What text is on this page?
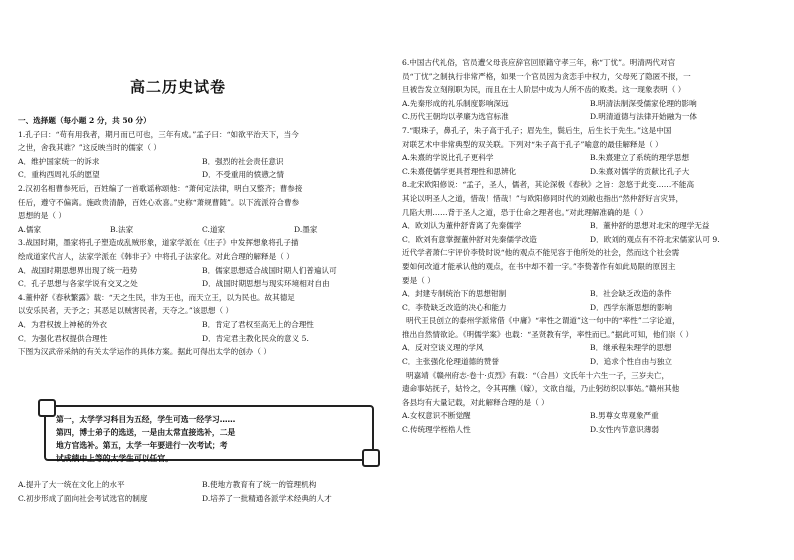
高二历史试卷
一、选择题（每小题 2 分，共 50 分）
1.孔子曰：“苟有用我者，期月而已可也，三年有成。”孟子曰：“如欲平治天下，当今
之世，舍我其谁？”这反映当时的儒家（ ）
A．维护国家统一的诉求	B．强烈的社会责任意识
C．重构西周礼乐的愿望	D．不受重用的愤懑之情
2.汉初名相曹参死后，百姓编了一首歌谣称颂他：“萧何定法律，明白又整齐；曹参接
任后，遵守不偏离。施政贵清静，百姓心欢喜。”史称“萧规曹随”。以下流派符合曹参
思想的是（ ）
A.儒家	B.法家	C.道家	D.墨家
3.战国时期，墨家将孔子塑造成乱贼形象，道家学派在《庄子》中发挥想象将孔子描
绘成道家代言人，法家学派在《韩非子》中将孔子法家化。对此合理的解释是（ ）
A．战国时期思想界出现了统一趋势	B．儒家思想适合战国时期人们普遍认可
C．孔子思想与各家学说有交叉之处	D．战国时期思想与现实环境相对自由
4.董仲舒《春秋繁露》载：“天之生民，非为王也，而天立王，以为民也。故其德足
以安乐民者，天予之；其恶足以贼害民者，天夺之。”该思想（ ）
A．为君权披上神秘的外衣	B．肯定了君权至高无上的合理性
C．为强化君权提供合理性	D．肯定君主教化民众的意义 5.
下图为汉武帝采纳的有关太学运作的具体方案。据此可得出太学的创办（ ）
第一，太学学习科目为五经，学生可选一经学习……
第四，博士弟子的选送，一是由太常直接选补，二是
地方官选补。第五，太学一年要进行一次考试；考
试成绩中上等的太学生可以任官。
A.提升了大一统在文化上的水平	B.使地方教育有了统一的管理机构
C.初步形成了面向社会考试选官的制度	D.培养了一批精通各派学术经典的人才
6.中国古代礼俗，官员遭父母丧应辞官回原籍守孝三年，称“丁忧”。明清两代对官
员“丁忧”之制执行非常严格，如果一个官员因为贪恋手中权力，父母死了隐匿不报，一
旦被告发立刻削职为民，而且在士人阶层中成为人所不齿的败类。这一现象表明（ ）
A.先秦形成的礼乐制度影响深远	B.明清法制深受儒家伦理的影响
C.历代王朝均以孝廉为选官标准	D.明清道德与法律开始融为一体
7.“眼珠子，鼻孔子，朱子高于孔子；眉先生，鬓后生，后生长于先生。”这是中国
对联艺术中非常典型的双关联。下列对“朱子高于孔子”喻意的最佳解释是（ ）
A.朱熹的学说比孔子更科学	B.朱熹建立了系统的理学思想
C.朱熹使儒学更具哲理性和思辨化	D.朱熹对儒学的贡献比孔子大
8.北宋欧阳修说：“孟子，圣人，儒者，其论深极《春秋》之旨：忽悠于此变……不能高
其论以明圣人之道，惜哉！惜哉！”与欧阳修同时代的刘敞也指出“然仲舒好言灾异，
几陷大刑……背于圣人之道，恐于仕命之理者也。”对此理解准确的是（ ）
A．欧刘认为董仲舒背离了先秦儒学	B．董仲舒的思想对北宋的理学无益
C．欧刘有意掌握董仲舒对先秦儒学改造	D．欧刘的观点有不符北宋儒家认可 9.
近代学者萧仁宇评价李贽时说“他的观点不能见容于他所处的社会，然而这个社会需
要如何改道才能承认他的观点，在书中却不着一字。”李贽著作有如此局限的原因主
要是（ ）
A．封建专制统治下的思想钳制	B．社会缺乏改造的条件
C．李贽缺乏改造的决心和能力	D．西学东渐思想的影响
明代王艮创立的泰州学派常借《中庸》“率性之谓道”这一句中的“率性”二字论道，
推出自然情欲论。《明儒学案》也载：“圣贤教有学，率性而已。”据此可知，他们崇（ ）
A．反对空谈义理的学风	B．继承程朱理学的思想
C．主张强化伦理道德的赞誉	D．追求个性自由与独立
明嘉靖《赣州府志·卷十·贞烈》有载：“（合昌）文氏年十六生一子，三岁夫亡，
遗命事姑抚子，姑怜之，令其再醮（嫁），文欲自缢，乃止躬纺织以事姑。”赣州其他
各县均有大量记载，对此解释合理的是（ ）
A.女权意识不断觉醒	B.男尊女卑观象严重
C.传统理学桎梏人性	D.女性内节意识薄弱
